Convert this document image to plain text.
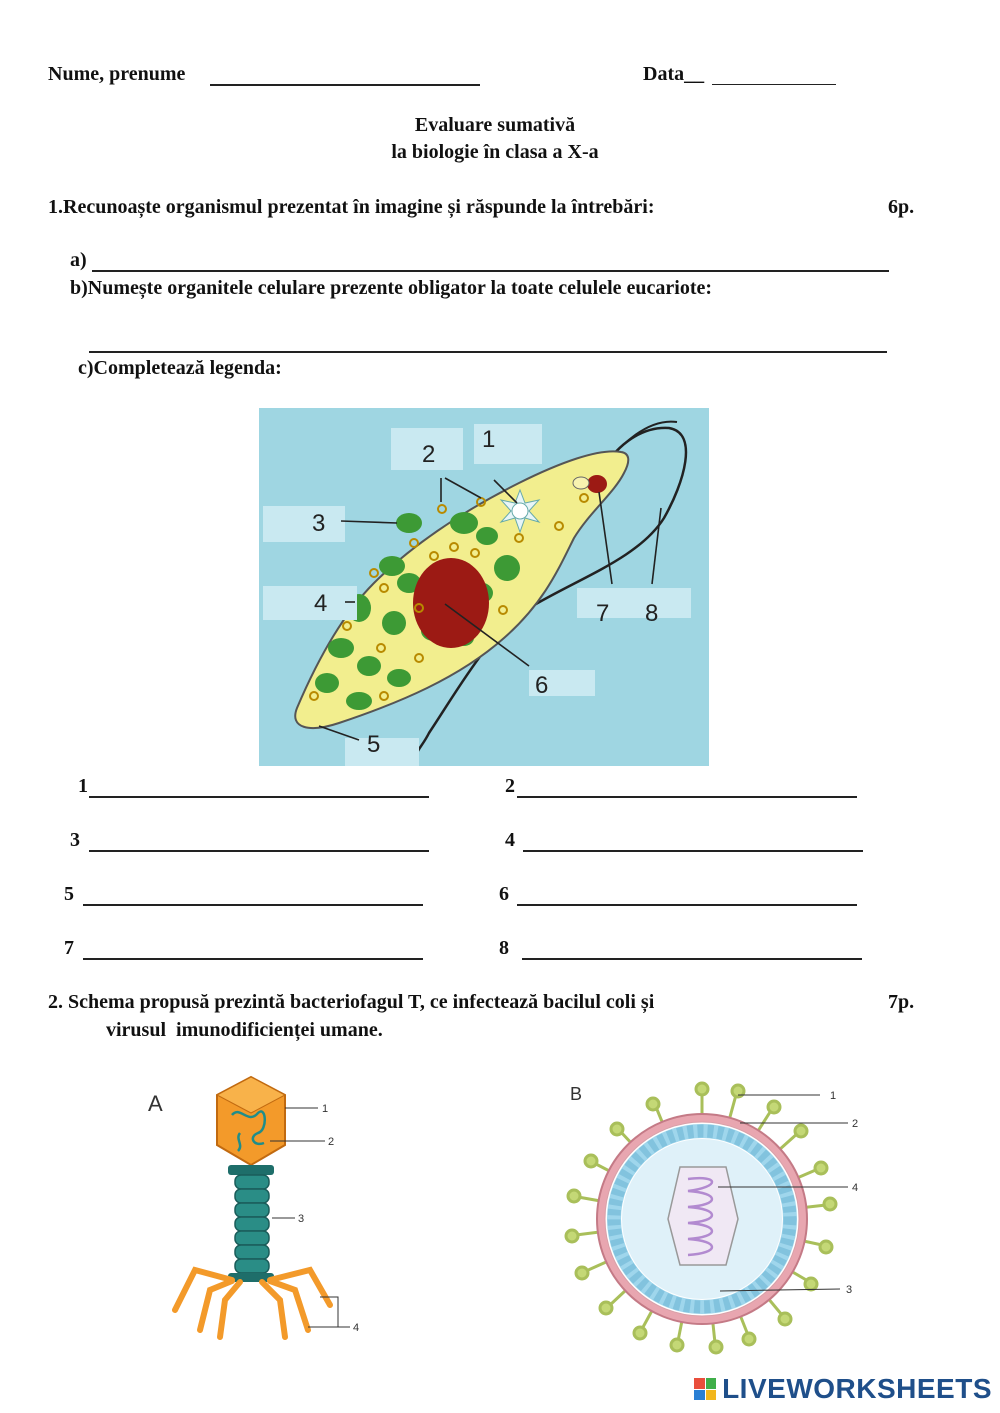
Nume, prenume	Data__
Evaluare sumativă
la biologie în clasa a X-a
1.Recunoaște organismul prezentat în imagine și răspunde la întrebări:	6p.
a)
b)Numește organitele celulare prezente obligator la toate celulele eucariote:
c)Completează legenda:
1
2
3
4
5
6
7 8
1	2
3	4
5	6
7	8
2. Schema propusă prezintă bacteriofagul T, ce infectează bacilul coli și	7p.
virusul  imunodificienței umane.
A	1
2
3
4
B	1
2
4
3
LIVEWORKSHEETS
